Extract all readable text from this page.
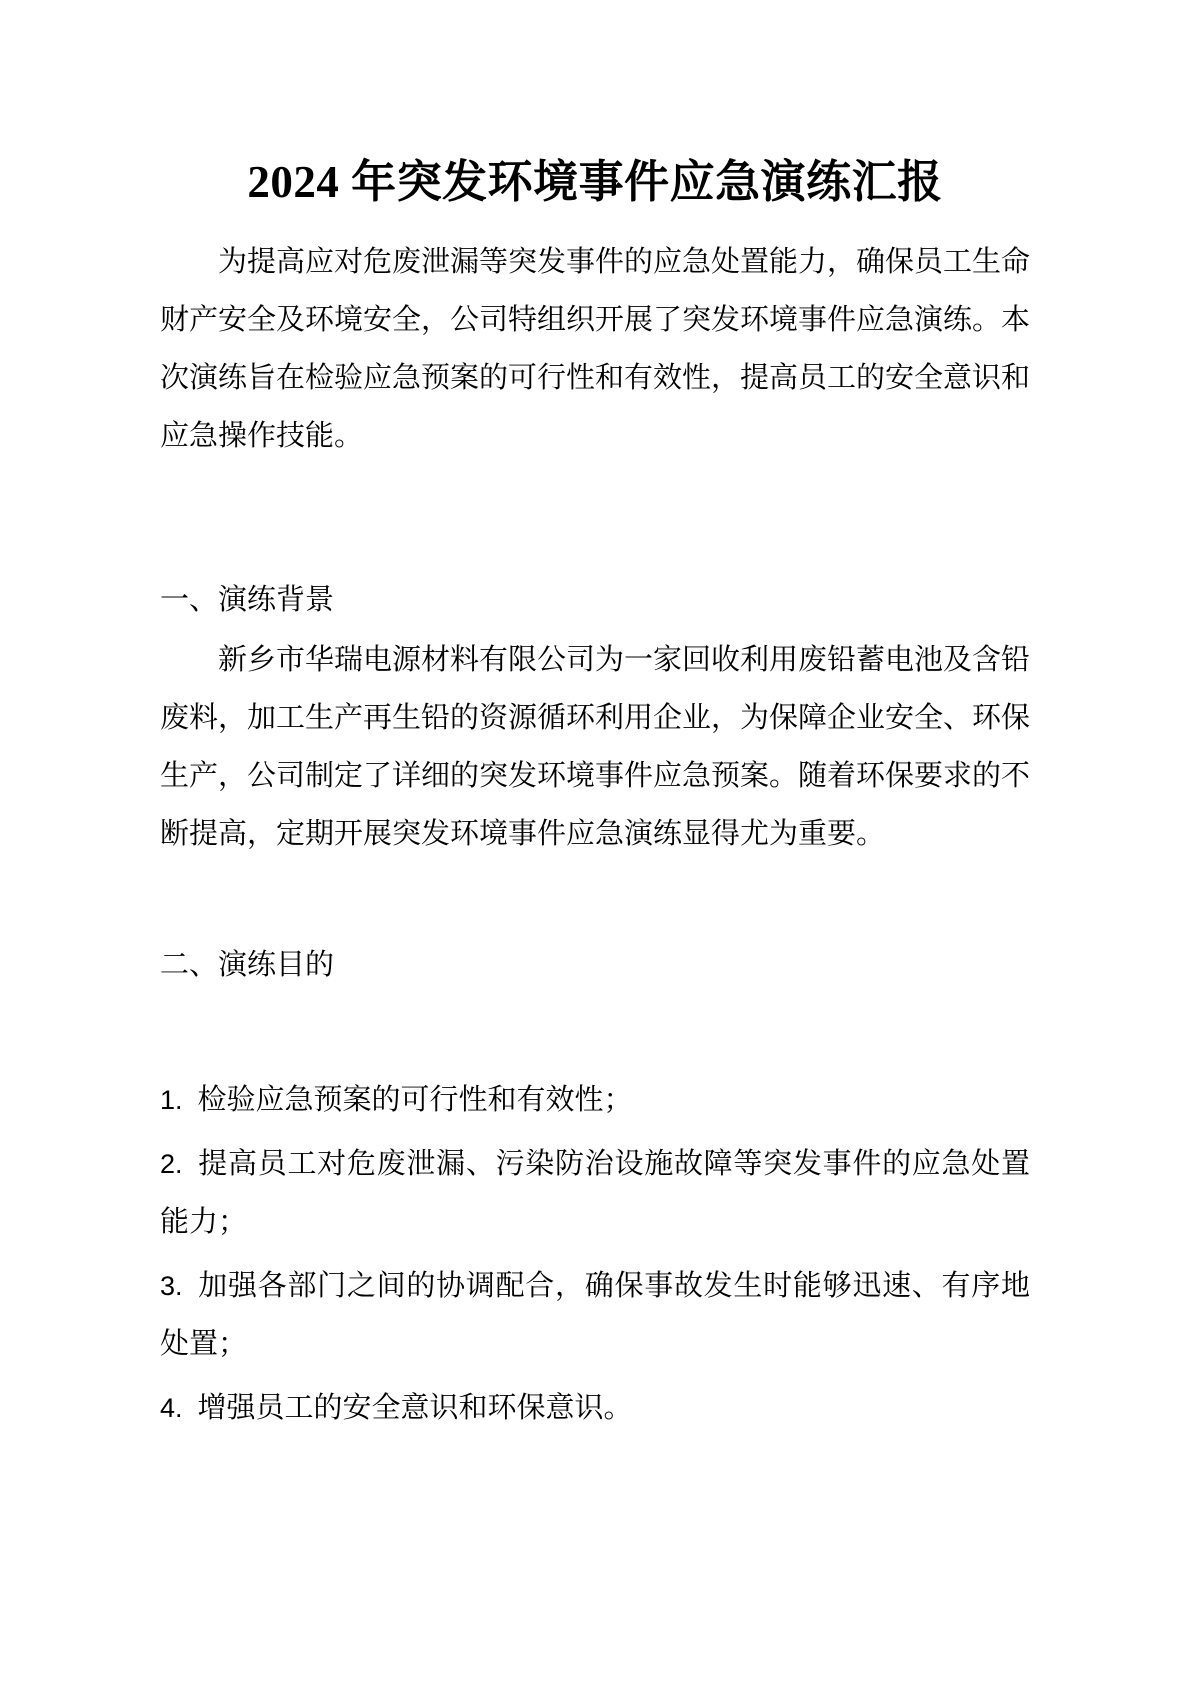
2024 年突发环境事件应急演练汇报

为提高应对危废泄漏等突发事件的应急处置能力，确保员工生命财产安全及环境安全，公司特组织开展了突发环境事件应急演练。本次演练旨在检验应急预案的可行性和有效性，提高员工的安全意识和应急操作技能。

一、演练背景

新乡市华瑞电源材料有限公司为一家回收利用废铅蓄电池及含铅废料，加工生产再生铅的资源循环利用企业，为保障企业安全、环保生产，公司制定了详细的突发环境事件应急预案。随着环保要求的不断提高，定期开展突发环境事件应急演练显得尤为重要。

二、演练目的

1. 检验应急预案的可行性和有效性；

2. 提高员工对危废泄漏、污染防治设施故障等突发事件的应急处置能力；

3. 加强各部门之间的协调配合，确保事故发生时能够迅速、有序地处置；

4. 增强员工的安全意识和环保意识。
